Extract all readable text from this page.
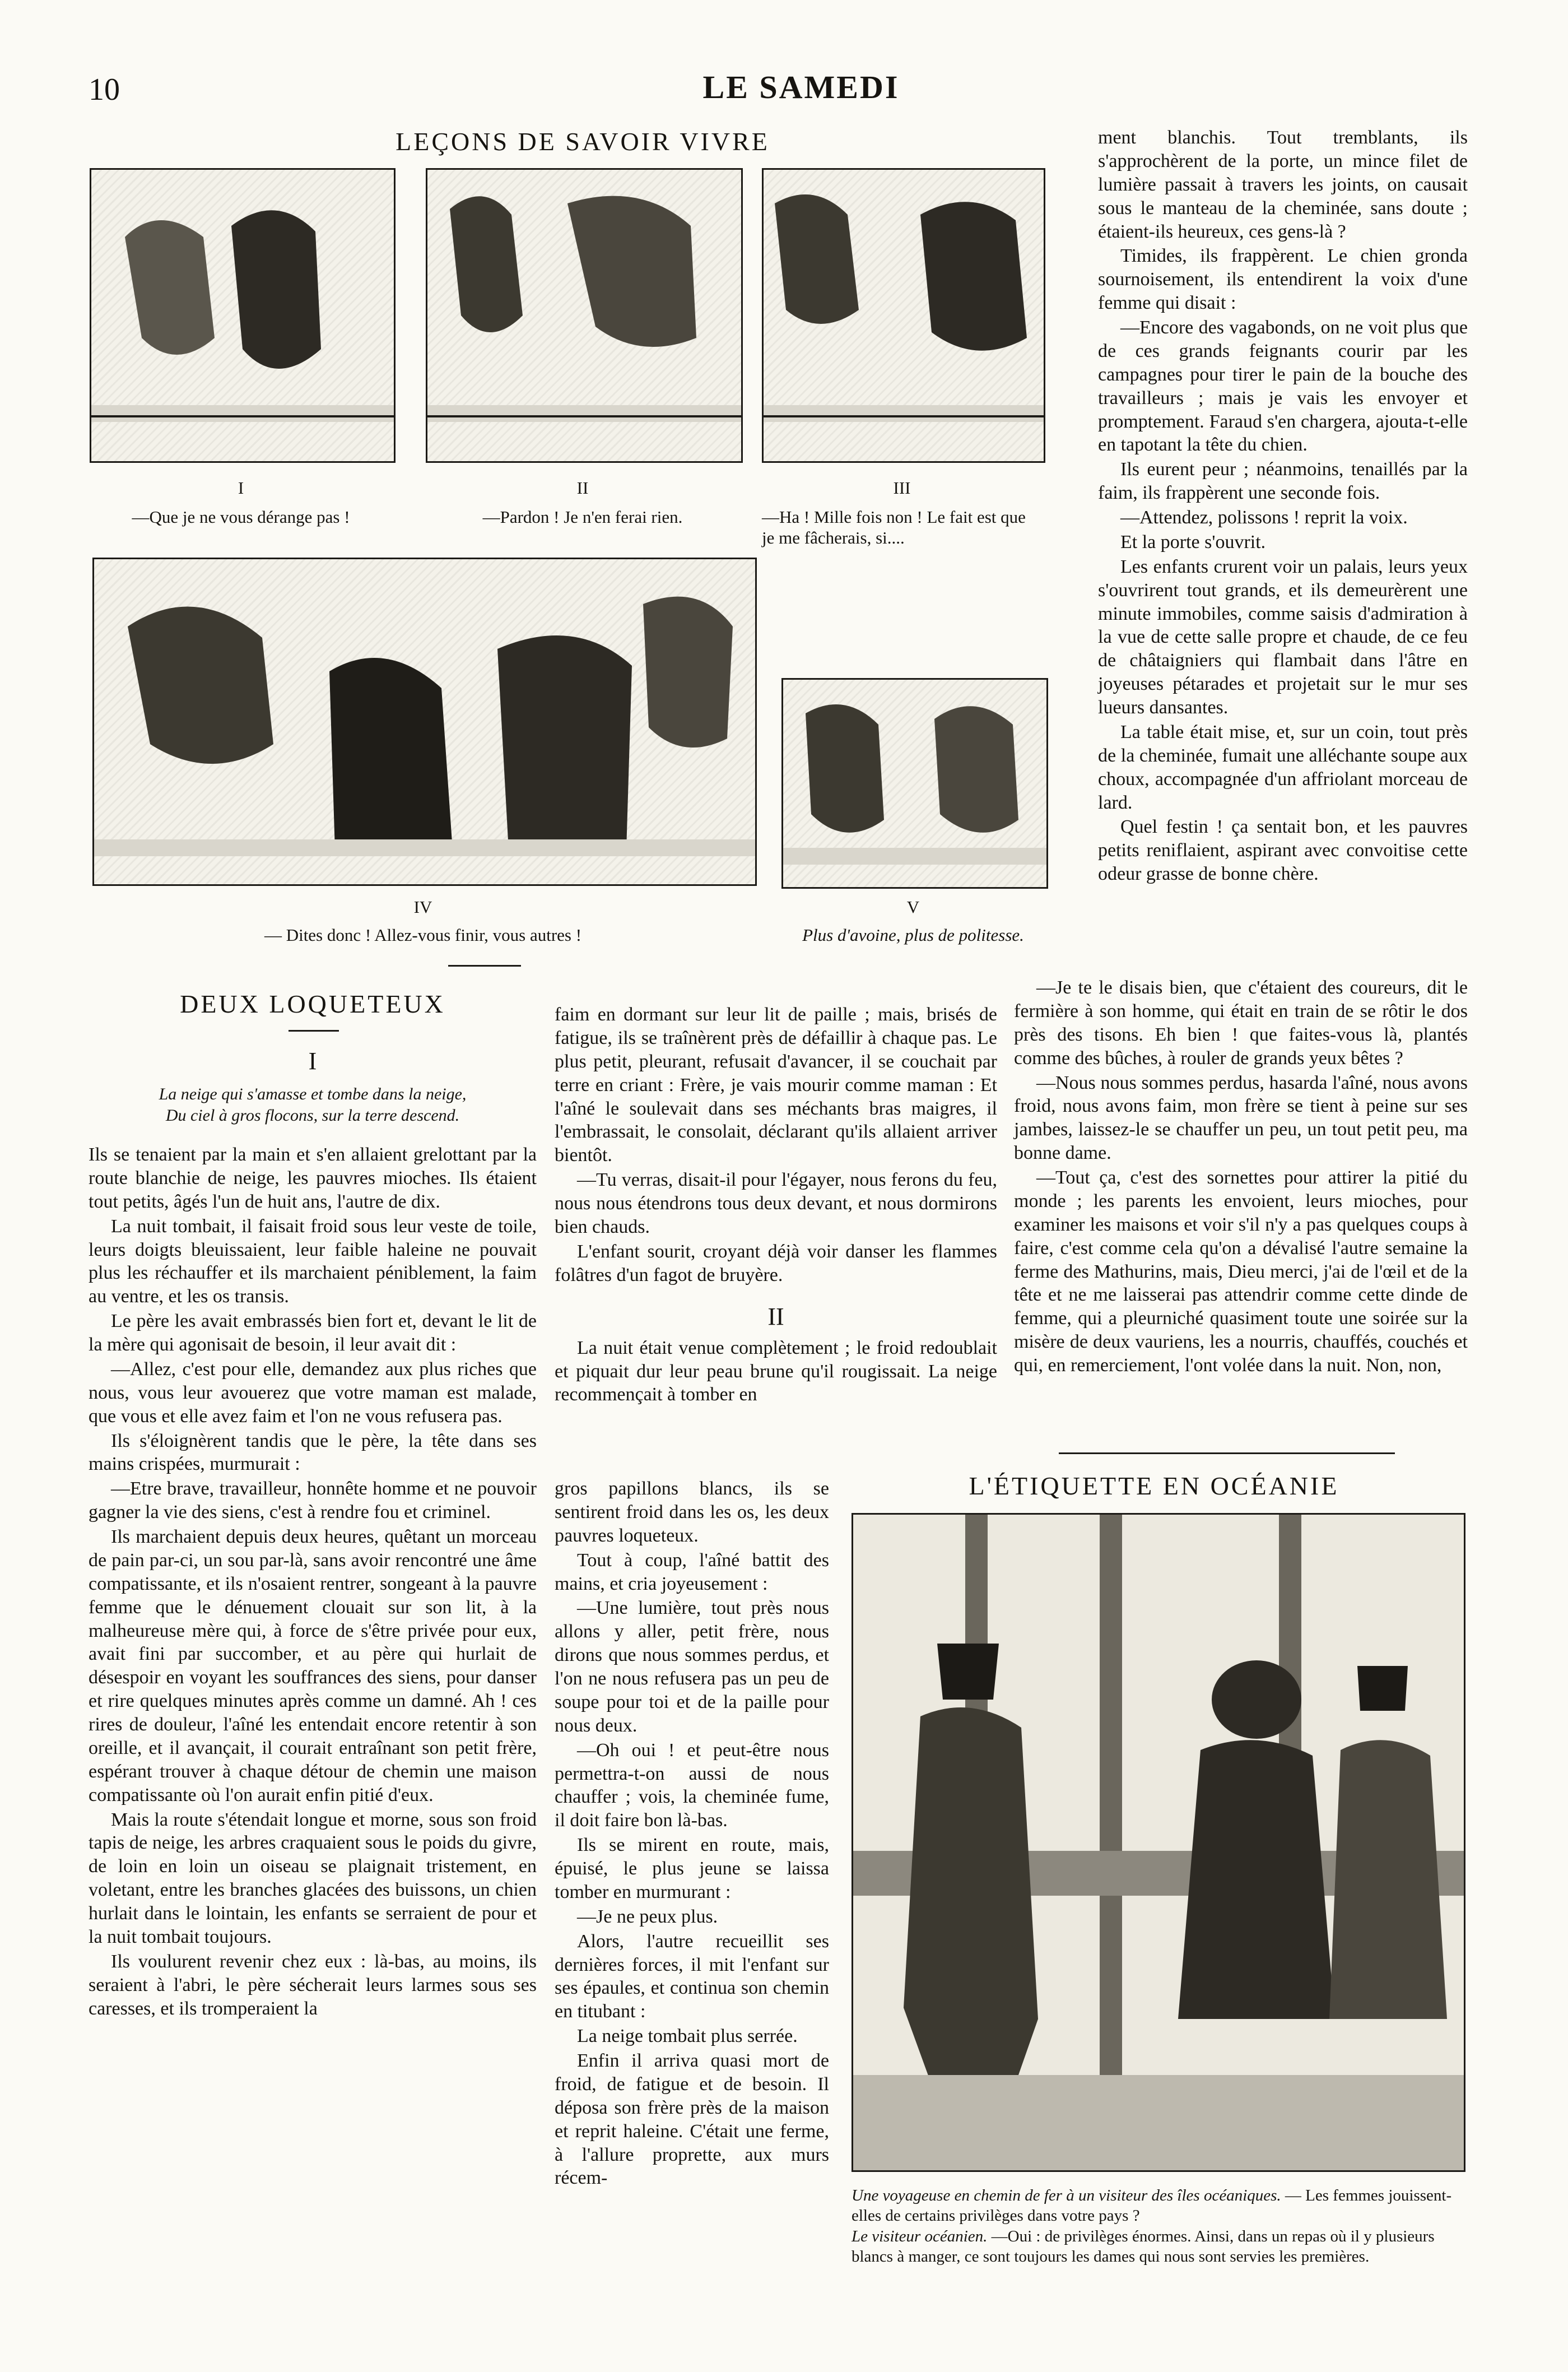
10	LE SAMEDI
LEÇONS DE SAVOIR VIVRE
I
—Que je ne vous dérange pas !
II
—Pardon ! Je n'en ferai rien.
III
—Ha ! Mille fois non ! Le fait est que je me fâcherais, si....
IV
— Dites donc ! Allez-vous finir, vous autres !
V
Plus d'avoine, plus de politesse.
DEUX LOQUETEUX
I
La neige qui s'amasse et tombe dans la neige,
Du ciel à gros flocons, sur la terre descend.

Ils se tenaient par la main et s'en allaient grelottant par la route blanchie de neige, les pauvres mioches. Ils étaient tout petits, âgés l'un de huit ans, l'autre de dix.

La nuit tombait, il faisait froid sous leur veste de toile, leurs doigts bleuissaient, leur faible haleine ne pouvait plus les réchauffer et ils marchaient péniblement, la faim au ventre, et les os transis.

Le père les avait embrassés bien fort et, devant le lit de la mère qui agonisait de besoin, il leur avait dit :

—Allez, c'est pour elle, demandez aux plus riches que nous, vous leur avouerez que votre maman est malade, que vous et elle avez faim et l'on ne vous refusera pas.

Ils s'éloignèrent tandis que le père, la tête dans ses mains crispées, murmurait :

—Etre brave, travailleur, honnête homme et ne pouvoir gagner la vie des siens, c'est à rendre fou et criminel.

Ils marchaient depuis deux heures, quêtant un morceau de pain par-ci, un sou par-là, sans avoir rencontré une âme compatissante, et ils n'osaient rentrer, songeant à la pauvre femme que le dénuement clouait sur son lit, à la malheureuse mère qui, à force de s'être privée pour eux, avait fini par succomber, et au père qui hurlait de désespoir en voyant les souffrances des siens, pour danser et rire quelques minutes après comme un damné. Ah ! ces rires de douleur, l'aîné les entendait encore retentir à son oreille, et il avançait, il courait entraînant son petit frère, espérant trouver à chaque détour de chemin une maison compatissante où l'on aurait enfin pitié d'eux.

Mais la route s'étendait longue et morne, sous son froid tapis de neige, les arbres craquaient sous le poids du givre, de loin en loin un oiseau se plaignait tristement, en voletant, entre les branches glacées des buissons, un chien hurlait dans le lointain, les enfants se serraient de pour et la nuit tombait toujours.

Ils voulurent revenir chez eux : là-bas, au moins, ils seraient à l'abri, le père sécherait leurs larmes sous ses caresses, et ils tromperaient la

faim en dormant sur leur lit de paille ; mais, brisés de fatigue, ils se traînèrent près de défaillir à chaque pas. Le plus petit, pleurant, refusait d'avancer, il se couchait par terre en criant : Frère, je vais mourir comme maman : Et l'aîné le soulevait dans ses méchants bras maigres, il l'embrassait, le consolait, déclarant qu'ils allaient arriver bientôt.

—Tu verras, disait-il pour l'égayer, nous ferons du feu, nous nous étendrons tous deux devant, et nous dormirons bien chauds.

L'enfant sourit, croyant déjà voir danser les flammes folâtres d'un fagot de bruyère.

II

La nuit était venue complètement ; le froid redoublait et piquait dur leur peau brune qu'il rougissait. La neige recommençait à tomber en

gros papillons blancs, ils se sentirent froid dans les os, les deux pauvres loqueteux.

Tout à coup, l'aîné battit des mains, et cria joyeusement :

—Une lumière, tout près nous allons y aller, petit frère, nous dirons que nous sommes perdus, et l'on ne nous refusera pas un peu de soupe pour toi et de la paille pour nous deux.

—Oh oui ! et peut-être nous permettra-t-on aussi de nous chauffer ; vois, la cheminée fume, il doit faire bon là-bas.

Ils se mirent en route, mais, épuisé, le plus jeune se laissa tomber en murmurant :

—Je ne peux plus.

Alors, l'autre recueillit ses dernières forces, il mit l'enfant sur ses épaules, et continua son chemin en titubant :

La neige tombait plus serrée.

Enfin il arriva quasi mort de froid, de fatigue et de besoin. Il déposa son frère près de la maison et reprit haleine. C'était une ferme, à l'allure proprette, aux murs récem-

ment blanchis. Tout tremblants, ils s'approchèrent de la porte, un mince filet de lumière passait à travers les joints, on causait sous le manteau de la cheminée, sans doute ; étaient-ils heureux, ces gens-là ?

Timides, ils frappèrent. Le chien gronda sournoisement, ils entendirent la voix d'une femme qui disait :

—Encore des vagabonds, on ne voit plus que de ces grands feignants courir par les campagnes pour tirer le pain de la bouche des travailleurs ; mais je vais les envoyer et promptement. Faraud s'en chargera, ajouta-t-elle en tapotant la tête du chien.

Ils eurent peur ; néanmoins, tenaillés par la faim, ils frappèrent une seconde fois.

—Attendez, polissons ! reprit la voix.

Et la porte s'ouvrit.

Les enfants crurent voir un palais, leurs yeux s'ouvrirent tout grands, et ils demeurèrent une minute immobiles, comme saisis d'admiration à la vue de cette salle propre et chaude, de ce feu de châtaigniers qui flambait dans l'âtre en joyeuses pétarades et projetait sur le mur ses lueurs dansantes.

La table était mise, et, sur un coin, tout près de la cheminée, fumait une alléchante soupe aux choux, accompagnée d'un affriolant morceau de lard.

Quel festin ! ça sentait bon, et les pauvres petits reniflaient, aspirant avec convoitise cette odeur grasse de bonne chère.

—Je te le disais bien, que c'étaient des coureurs, dit le fermière à son homme, qui était en train de se rôtir le dos près des tisons. Eh bien ! que faites-vous là, plantés comme des bûches, à rouler de grands yeux bêtes ?

—Nous nous sommes perdus, hasarda l'aîné, nous avons froid, nous avons faim, mon frère se tient à peine sur ses jambes, laissez-le se chauffer un peu, un tout petit peu, ma bonne dame.

—Tout ça, c'est des sornettes pour attirer la pitié du monde ; les parents les envoient, leurs mioches, pour examiner les maisons et voir s'il n'y a pas quelques coups à faire, c'est comme cela qu'on a dévalisé l'autre semaine la ferme des Mathurins, mais, Dieu merci, j'ai de l'œil et de la tête et ne me laisserai pas attendrir comme cette dinde de femme, qui a pleurniché quasiment toute une soirée sur la misère de deux vauriens, les a nourris, chauffés, couchés et qui, en remerciement, l'ont volée dans la nuit. Non, non,

L'ÉTIQUETTE EN OCÉANIE
Une voyageuse en chemin de fer à un visiteur des îles océaniques. — Les femmes jouissent-elles de certains privilèges dans votre pays ?
Le visiteur océanien. —Oui : de privilèges énormes. Ainsi, dans un repas où il y plusieurs blancs à manger, ce sont toujours les dames qui nous sont servies les premières.
